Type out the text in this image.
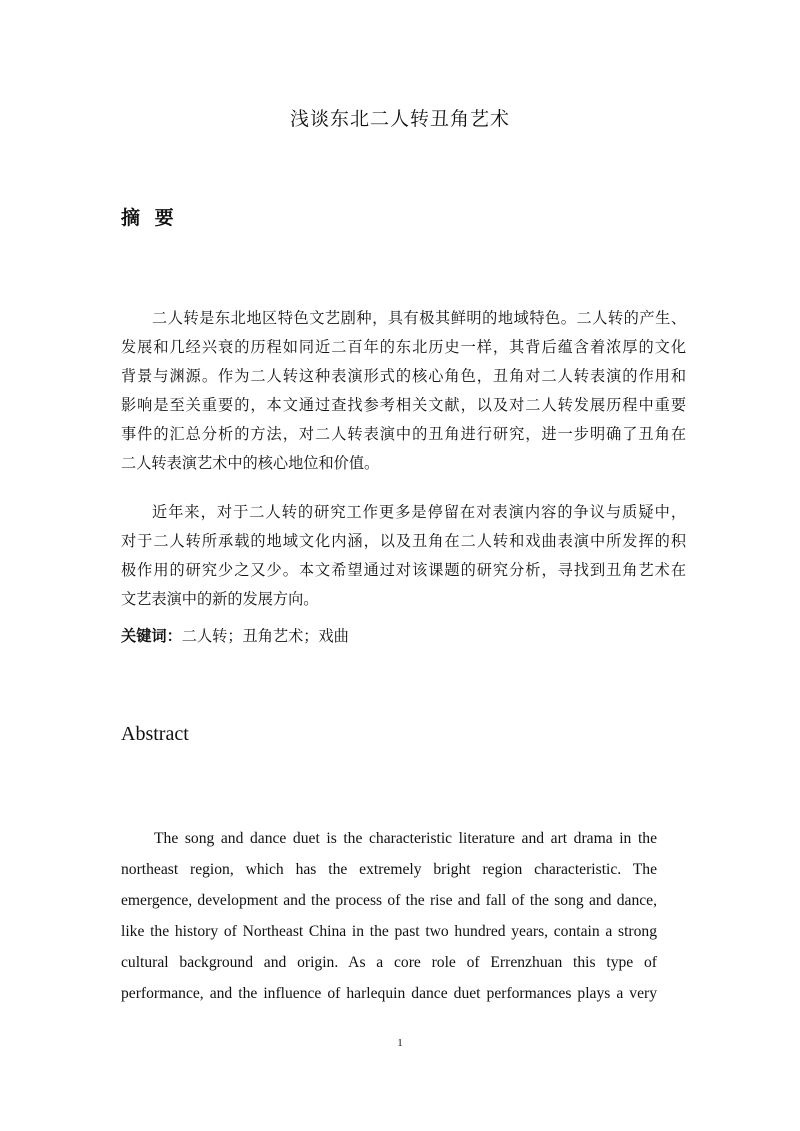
浅谈东北二人转丑角艺术
摘 要
二人转是东北地区特色文艺剧种，具有极其鲜明的地域特色。二人转的产生、
发展和几经兴衰的历程如同近二百年的东北历史一样，其背后蕴含着浓厚的文化
背景与渊源。作为二人转这种表演形式的核心角色，丑角对二人转表演的作用和
影响是至关重要的，本文通过查找参考相关文献，以及对二人转发展历程中重要
事件的汇总分析的方法，对二人转表演中的丑角进行研究，进一步明确了丑角在
二人转表演艺术中的核心地位和价值。
近年来，对于二人转的研究工作更多是停留在对表演内容的争议与质疑中，
对于二人转所承载的地域文化内涵，以及丑角在二人转和戏曲表演中所发挥的积
极作用的研究少之又少。本文希望通过对该课题的研究分析，寻找到丑角艺术在
文艺表演中的新的发展方向。
关键词：二人转；丑角艺术；戏曲
Abstract
The song and dance duet is the characteristic literature and art drama in the
northeast region, which has the extremely bright region characteristic. The
emergence, development and the process of the rise and fall of the song and dance,
like the history of Northeast China in the past two hundred years, contain a strong
cultural background and origin. As a core role of Errenzhuan this type of
performance, and the influence of harlequin dance duet performances plays a very
1
